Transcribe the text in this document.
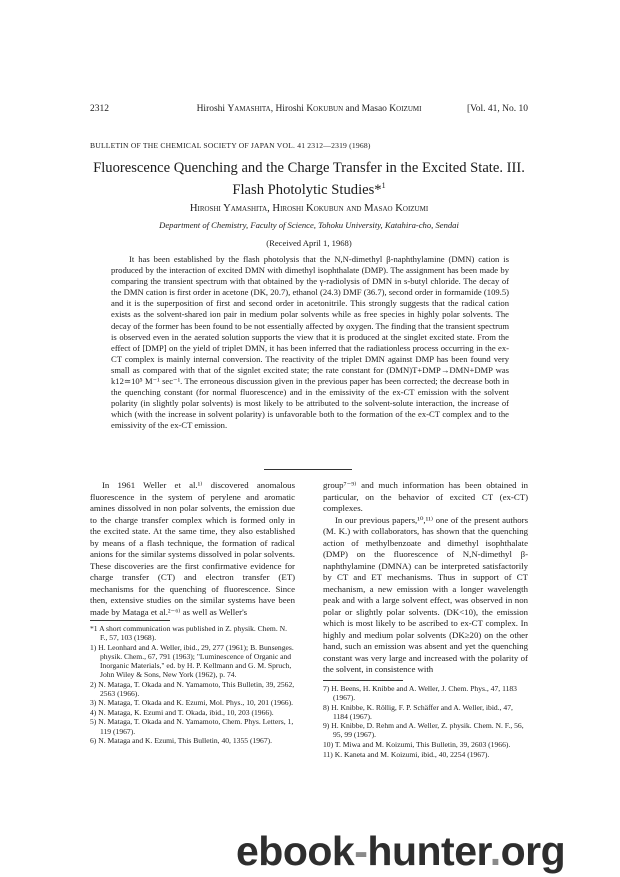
2312	Hiroshi Yamashita, Hiroshi Kokubun and Masao Koizumi	[Vol. 41, No. 10
BULLETIN OF THE CHEMICAL SOCIETY OF JAPAN VOL. 41 2312—2319 (1968)
Fluorescence Quenching and the Charge Transfer in the Excited State. III. Flash Photolytic Studies*$^1$
Hiroshi Yamashita, Hiroshi Kokubun and Masao Koizumi
Department of Chemistry, Faculty of Science, Tohoku University, Katahira-cho, Sendai
(Received April 1, 1968)
It has been established by the flash photolysis that the N,N-dimethyl β-naphthylamine (DMN) cation is produced by the interaction of excited DMN with dimethyl isophthalate (DMP). The assignment has been made by comparing the transient spectrum with that obtained by the γ-radiolysis of DMN in s-butyl chloride. The decay of the DMN cation is first order in acetone (DK, 20.7), ethanol (24.3) DMF (36.7), second order in formamide (109.5) and it is the superposition of first and second order in acetonitrile. This strongly suggests that the radical cation exists as the solvent-shared ion pair in medium polar solvents while as free species in highly polar solvents. The decay of the former has been found to be not essentially affected by oxygen. The finding that the transient spectrum is observed even in the aerated solution supports the view that it is produced at the singlet excited state. From the effect of [DMP] on the yield of triplet DMN, it has been inferred that the radiationless process occurring in the ex-CT complex is mainly internal conversion. The reactivity of the triplet DMN against DMP has been found very small as compared with that of the signlet excited state; the rate constant for (DMN)T+DMP→DMN+DMP was k12≃10⁵ M⁻¹ sec⁻¹. The erroneous discussion given in the previous paper has been corrected; the decrease both in the quenching constant (for normal fluorescence) and in the emissivity of the ex-CT emission with the solvent polarity (in slightly polar solvents) is most likely to be attributed to the solvent-solute interaction, the increase of which (with the increase in solvent polarity) is unfavorable both to the formation of the ex-CT complex and to the emissivity of the ex-CT emission.

In 1961 Weller et al.¹⁾ discovered anomalous fluorescence in the system of perylene and aromatic amines dissolved in non polar solvents, the emission due to the charge transfer complex which is formed only in the excited state. At the same time, they also established by means of a flash technique, the formation of radical anions for the similar systems dissolved in polar solvents. These discoveries are the first confirmative evidence for charge transfer (CT) and electron transfer (ET) mechanisms for the quenching of fluorescence. Since then, extensive studies on the similar systems have been made by Mataga et al.²⁻⁶⁾ as well as Weller's

group⁷⁻⁹⁾ and much information has been obtained in particular, on the behavior of excited CT (ex-CT) complexes.

In our previous papers,¹⁰,¹¹⁾ one of the present authors (M. K.) with collaborators, has shown that the quenching action of methylbenzoate and dimethyl isophthalate (DMP) on the fluorescence of N,N-dimethyl β-naphthylamine (DMNA) can be interpreted satisfactorily by CT and ET mechanisms. Thus in support of CT mechanism, a new emission with a longer wavelength peak and with a large solvent effect, was observed in non polar or slightly polar solvents. (DK<10), the emission which is most likely to be ascribed to ex-CT complex. In highly and medium polar solvents (DK≥20) on the other hand, such an emission was absent and yet the quenching constant was very large and increased with the polarity of the solvent, in consistence with

*1 A short communication was published in Z. physik. Chem. N. F., 57, 103 (1968).
1) H. Leonhard and A. Weller, ibid., 29, 277 (1961); B. Bunsenges. physik. Chem., 67, 791 (1963); "Luminescence of Organic and Inorganic Materials," ed. by H. P. Kellmann and G. M. Spruch, John Wiley & Sons, New York (1962), p. 74.
2) N. Mataga, T. Okada and N. Yamamoto, This Bulletin, 39, 2562, 2563 (1966).
3) N. Mataga, T. Okada and K. Ezumi, Mol. Phys., 10, 201 (1966).
4) N. Mataga, K. Ezumi and T. Okada, ibid., 10, 203 (1966).
5) N. Mataga, T. Okada and N. Yamamoto, Chem. Phys. Letters, 1, 119 (1967).
6) N. Mataga and K. Ezumi, This Bulletin, 40, 1355 (1967).
7) H. Beens, H. Knibbe and A. Weller, J. Chem. Phys., 47, 1183 (1967).
8) H. Knibbe, K. Röllig, F. P. Schäffer and A. Weller, ibid., 47, 1184 (1967).
9) H. Knibbe, D. Rehm and A. Weller, Z. physik. Chem. N. F., 56, 95, 99 (1967).
10) T. Miwa and M. Koizumi, This Bulletin, 39, 2603 (1966).
11) K. Kaneta and M. Koizumi, ibid., 40, 2254 (1967).
ebook-hunter.org
